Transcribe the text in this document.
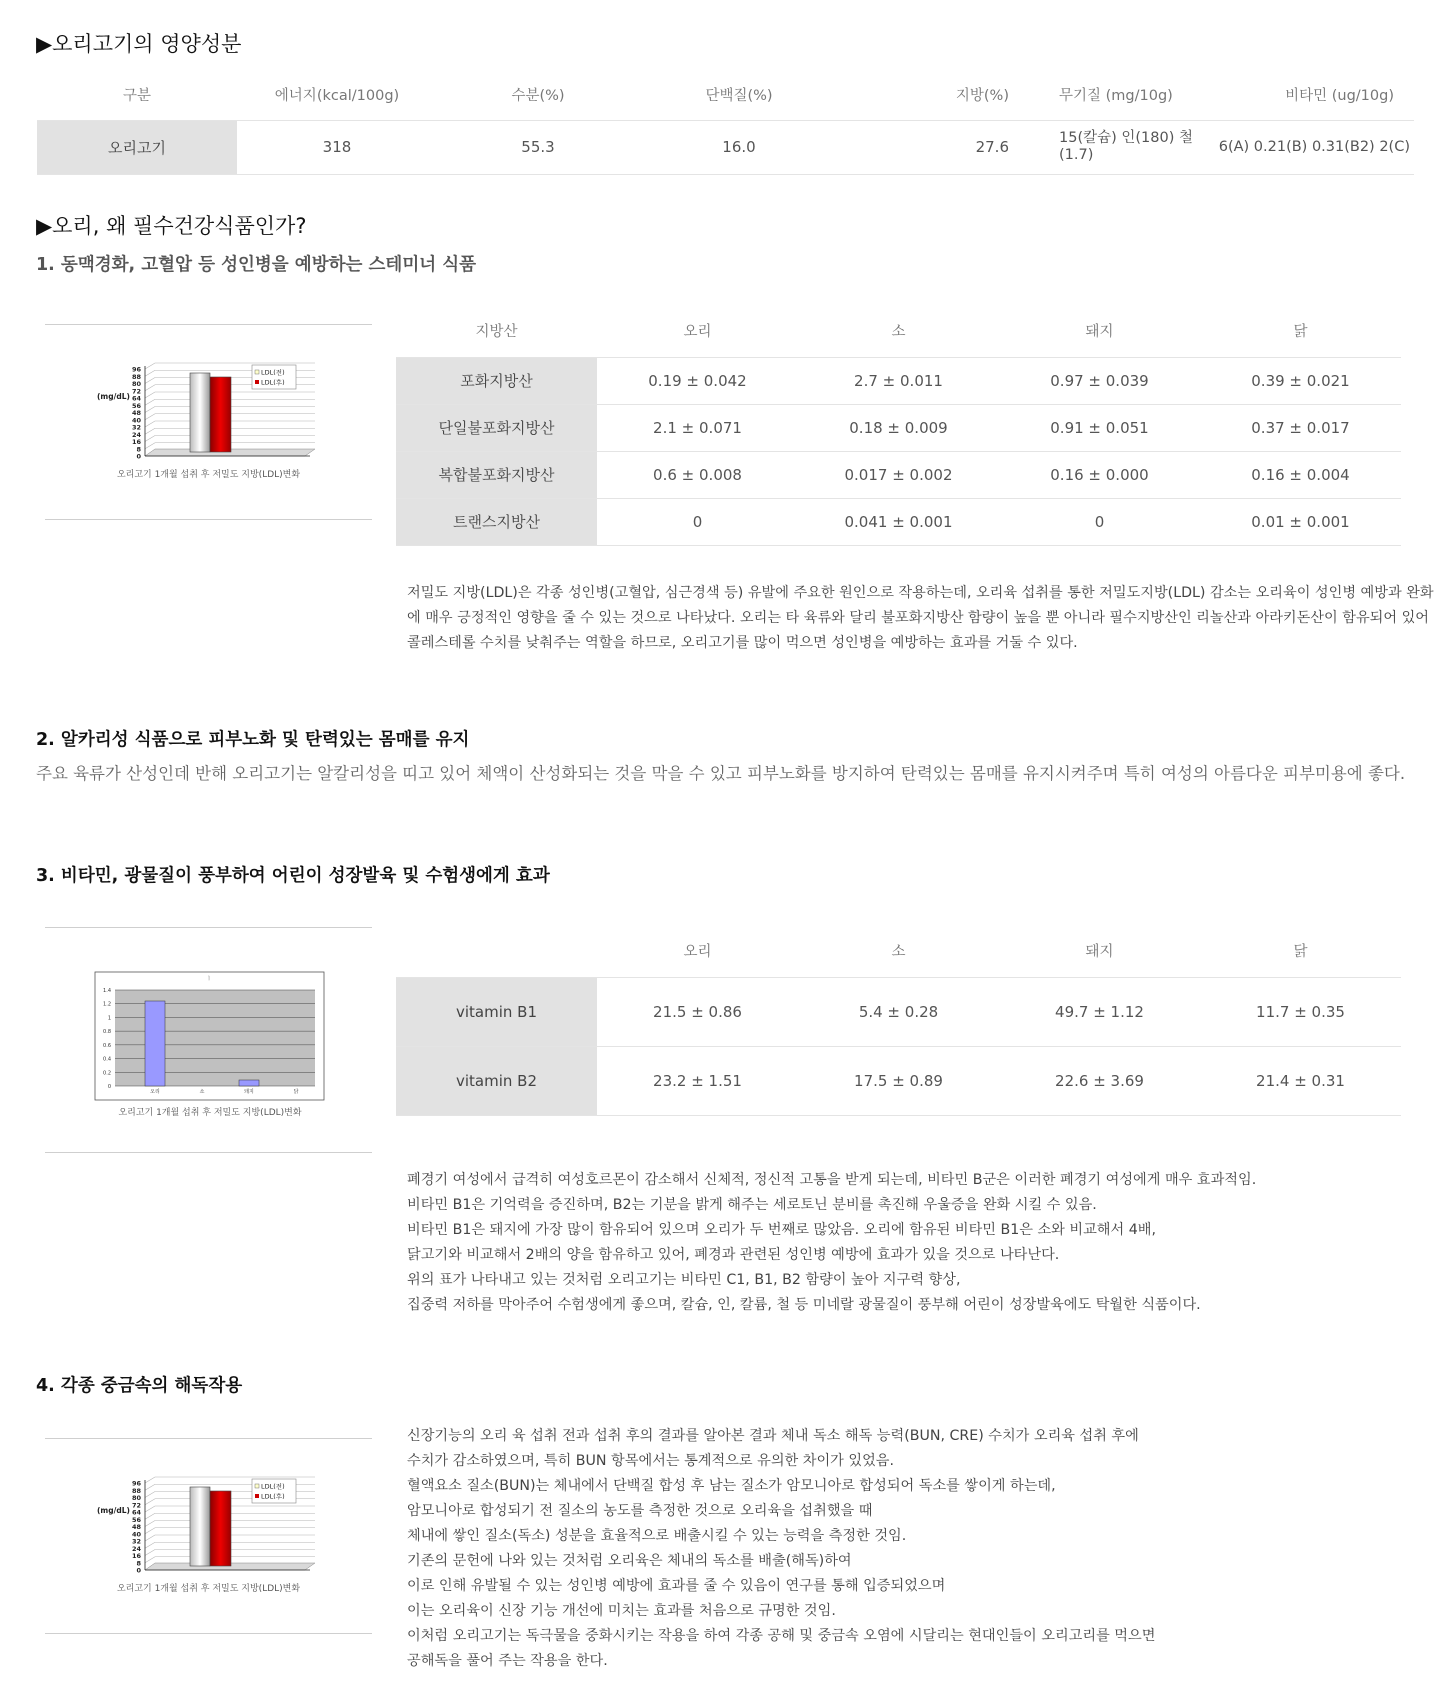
▶오리고기의 영양성분
구분	에너지(kcal/100g)	수분(%)	단백질(%)	지방(%)	무기질 (mg/10g)	비타민 (ug/10g)
오리고기	318	55.3	16.0	27.6	15(칼슘) 인(180) 철(1.7)	6(A) 0.21(B) 0.31(B2) 2(C)
▶오리, 왜 필수건강식품인가?
1. 동맥경화, 고혈압 등 성인병을 예방하는 스테미너 식품
(mg/dL)
96
88
80
72
64
56
48
40
32
24
16
8
0
LDL(전)
LDL(후)
오리고기 1개월 섭취 후 저밀도 지방(LDL)변화
지방산	오리	소	돼지	닭
포화지방산	0.19 ± 0.042	2.7 ± 0.011	0.97 ± 0.039	0.39 ± 0.021
단일불포화지방산	2.1 ± 0.071	0.18 ± 0.009	0.91 ± 0.051	0.37 ± 0.017
복합불포화지방산	0.6 ± 0.008	0.017 ± 0.002	0.16 ± 0.000	0.16 ± 0.004
트랜스지방산	0	0.041 ± 0.001	0	0.01 ± 0.001

저밀도 지방(LDL)은 각종 성인병(고혈압, 심근경색 등) 유발에 주요한 원인으로 작용하는데, 오리육 섭취를 통한 저밀도지방(LDL) 감소는 오리육이 성인병 예방과 완화에 매우 긍정적인 영향을 줄 수 있는 것으로 나타났다. 오리는 타 육류와 달리 불포화지방산 함량이 높을 뿐 아니라 필수지방산인 리놀산과 아라키돈산이 함유되어 있어 콜레스테롤 수치를 낮춰주는 역할을 하므로, 오리고기를 많이 먹으면 성인병을 예방하는 효과를 거둘 수 있다.

2. 알카리성 식품으로 피부노화 및 탄력있는 몸매를 유지

주요 육류가 산성인데 반해 오리고기는 알칼리성을 띠고 있어 체액이 산성화되는 것을 막을 수 있고 피부노화를 방지하여 탄력있는 몸매를 유지시켜주며 특히 여성의 아름다운 피부미용에 좋다.

3. 비타민, 광물질이 풍부하여 어린이 성장발육 및 수험생에게 효과
ㅣ
1.4
1.2
1
0.8
0.6
0.4
0.2
0
오리	소	돼지	닭
오리고기 1개월 섭취 후 저밀도 지방(LDL)변화
	오리	소	돼지	닭
vitamin B1	21.5 ± 0.86	5.4 ± 0.28	49.7 ± 1.12	11.7 ± 0.35
vitamin B2	23.2 ± 1.51	17.5 ± 0.89	22.6 ± 3.69	21.4 ± 0.31
폐경기 여성에서 급격히 여성호르몬이 감소해서 신체적, 정신적 고통을 받게 되는데, 비타민 B군은 이러한 폐경기 여성에게 매우 효과적임.
비타민 B1은 기억력을 증진하며, B2는 기분을 밝게 해주는 세로토닌 분비를 촉진해 우울증을 완화 시킬 수 있음.
비타민 B1은 돼지에 가장 많이 함유되어 있으며 오리가 두 번째로 많았음. 오리에 함유된 비타민 B1은 소와 비교해서 4배,
닭고기와 비교해서 2배의 양을 함유하고 있어, 폐경과 관련된 성인병 예방에 효과가 있을 것으로 나타난다.
위의 표가 나타내고 있는 것처럼 오리고기는 비타민 C1, B1, B2 함량이 높아 지구력 향상,
집중력 저하를 막아주어 수험생에게 좋으며, 칼슘, 인, 칼륨, 철 등 미네랄 광물질이 풍부해 어린이 성장발육에도 탁월한 식품이다.
4. 각종 중금속의 해독작용
(mg/dL)
96
88
80
72
64
56
48
40
32
24
16
8
0
LDL(전)
LDL(후)
오리고기 1개월 섭취 후 저밀도 지방(LDL)변화
신장기능의 오리 육 섭취 전과 섭취 후의 결과를 알아본 결과 체내 독소 해독 능력(BUN, CRE) 수치가 오리육 섭취 후에
수치가 감소하였으며, 특히 BUN 항목에서는 통계적으로 유의한 차이가 있었음.
혈액요소 질소(BUN)는 체내에서 단백질 합성 후 남는 질소가 암모니아로 합성되어 독소를 쌓이게 하는데,
암모니아로 합성되기 전 질소의 농도를 측정한 것으로 오리육을 섭취했을 때
체내에 쌓인 질소(독소) 성분을 효율적으로 배출시킬 수 있는 능력을 측정한 것임.
기존의 문헌에 나와 있는 것처럼 오리육은 체내의 독소를 배출(해독)하여
이로 인해 유발될 수 있는 성인병 예방에 효과를 줄 수 있음이 연구를 통해 입증되었으며
이는 오리육이 신장 기능 개선에 미치는 효과를 처음으로 규명한 것임.
이처럼 오리고기는 독극물을 중화시키는 작용을 하여 각종 공해 및 중금속 오염에 시달리는 현대인들이 오리고리를 먹으면
공해독을 풀어 주는 작용을 한다.
